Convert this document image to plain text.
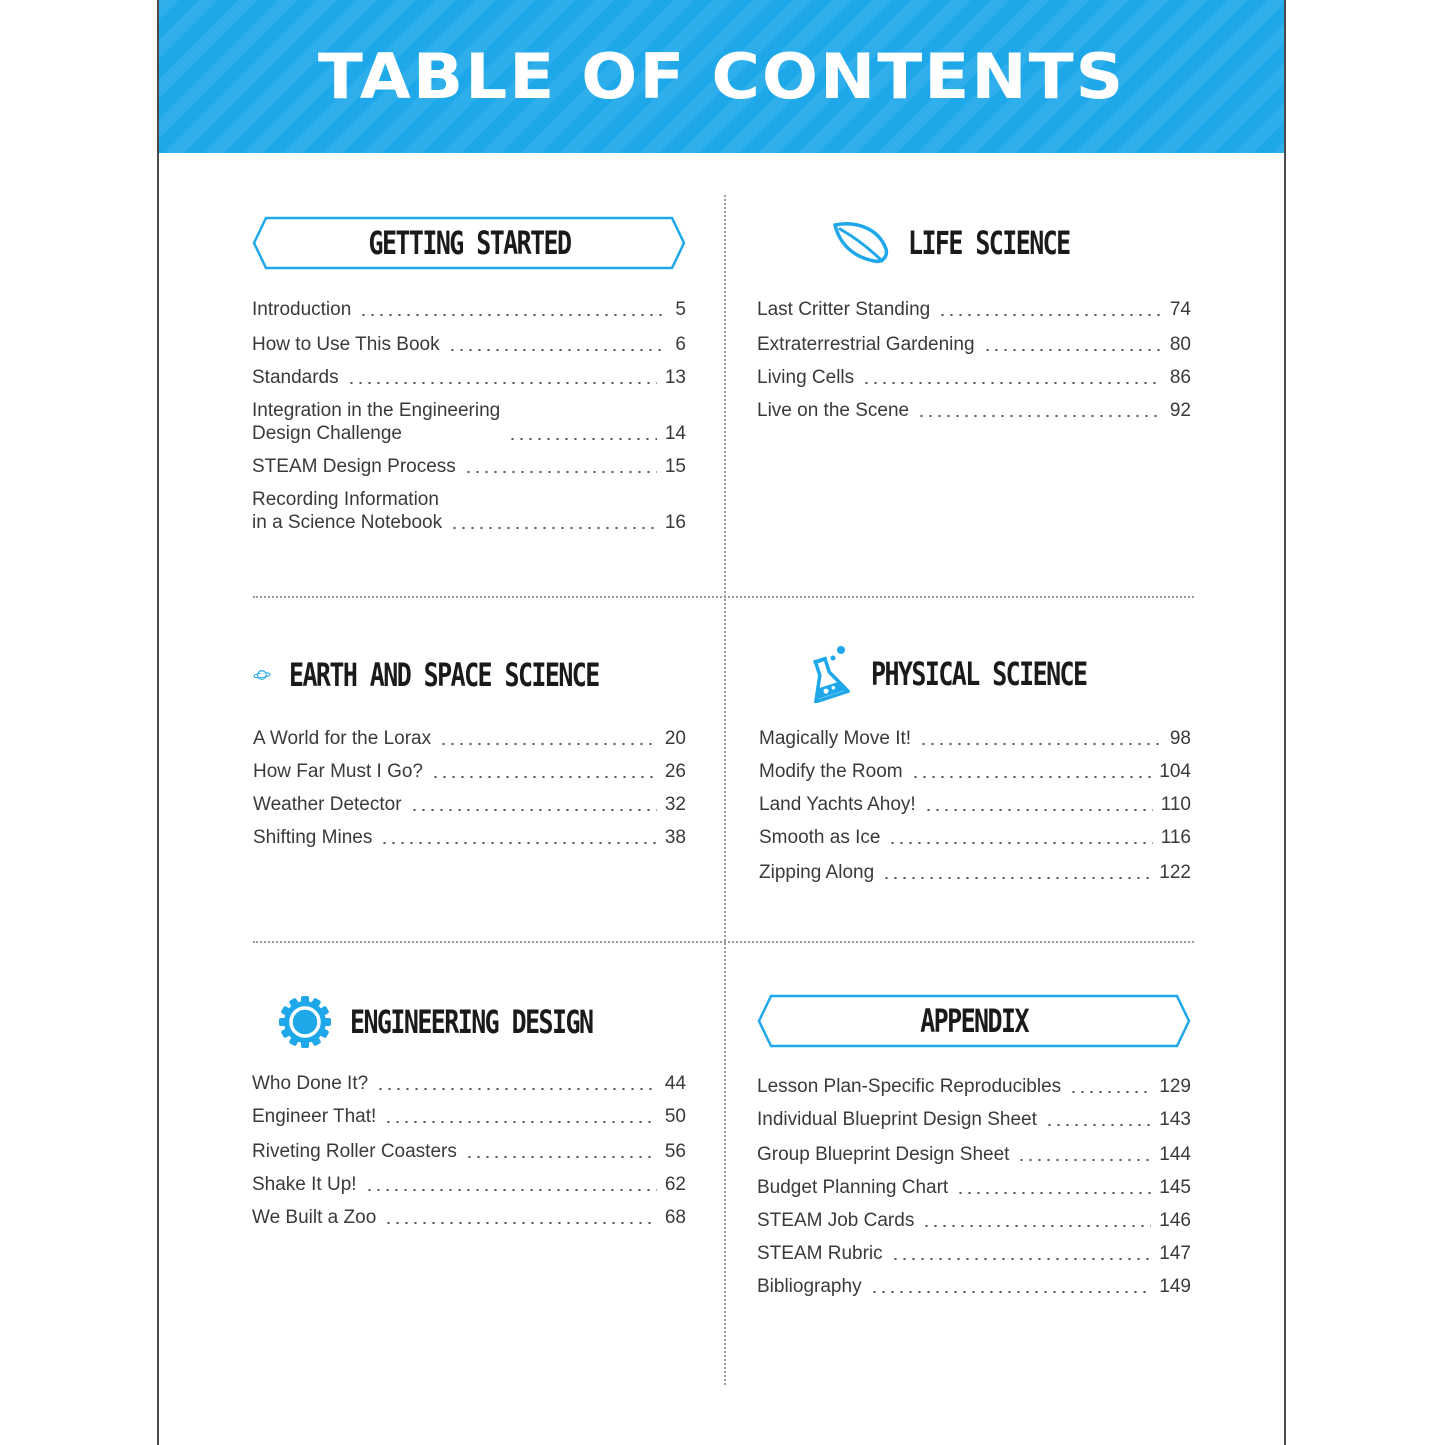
TABLE OF CONTENTS
GETTING STARTED
Introduction	5
How to Use This Book	6
Standards	13
Integration in the Engineering
Design Challenge	14
STEAM Design Process	15
Recording Information
in a Science Notebook	16
LIFE SCIENCE
Last Critter Standing	74
Extraterrestrial Gardening	80
Living Cells	86
Live on the Scene	92
EARTH AND SPACE SCIENCE
A World for the Lorax	20
How Far Must I Go?	26
Weather Detector	32
Shifting Mines	38
PHYSICAL SCIENCE
Magically Move It!	98
Modify the Room	104
Land Yachts Ahoy!	110
Smooth as Ice	116
Zipping Along	122
ENGINEERING DESIGN
Who Done It?	44
Engineer That!	50
Riveting Roller Coasters	56
Shake It Up!	62
We Built a Zoo	68
APPENDIX
Lesson Plan-Specific Reproducibles	129
Individual Blueprint Design Sheet	143
Group Blueprint Design Sheet	144
Budget Planning Chart	145
STEAM Job Cards	146
STEAM Rubric	147
Bibliography	149
